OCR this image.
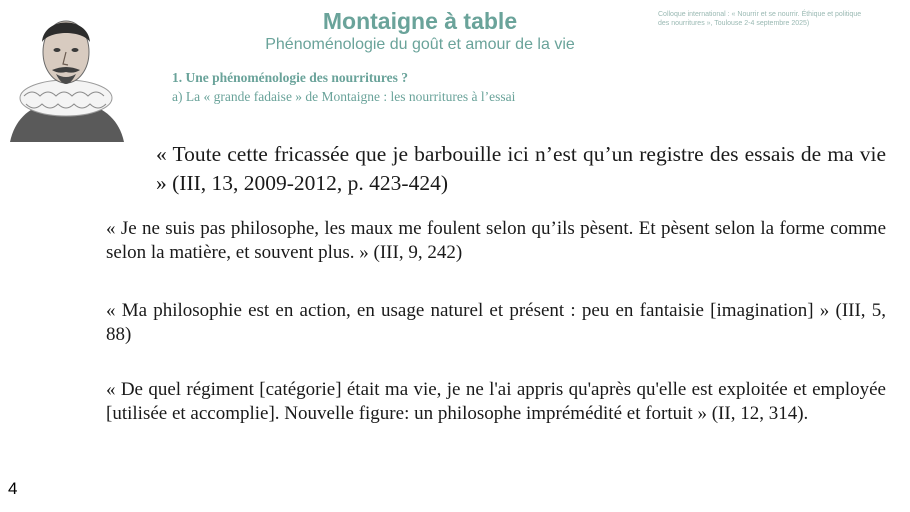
Montaigne à table
Phénoménologie du goût et amour de la vie
Colloque international : « Nourrir et se nourrir. Éthique et politique
des nourritures », Toulouse 2-4 septembre 2025)
1. Une phénoménologie des nourritures ?
a) La « grande fadaise » de Montaigne : les nourritures à l’essai
« Toute cette fricassée que je barbouille ici n’est qu’un registre des essais de ma vie » (III, 13, 2009-2012, p. 423-424)
« Je ne suis pas philosophe, les maux me foulent selon qu’ils pèsent. Et pèsent selon la forme comme selon la matière, et souvent plus. » (III, 9, 242)
« Ma philosophie est en action, en usage naturel et présent : peu en fantaisie [imagination] » (III, 5, 88)
« De quel régiment [catégorie] était ma vie, je ne l'ai appris qu'après qu'elle est exploitée et employée [utilisée et accomplie]. Nouvelle figure: un philosophe imprémédité et fortuit » (II, 12, 314).
4
